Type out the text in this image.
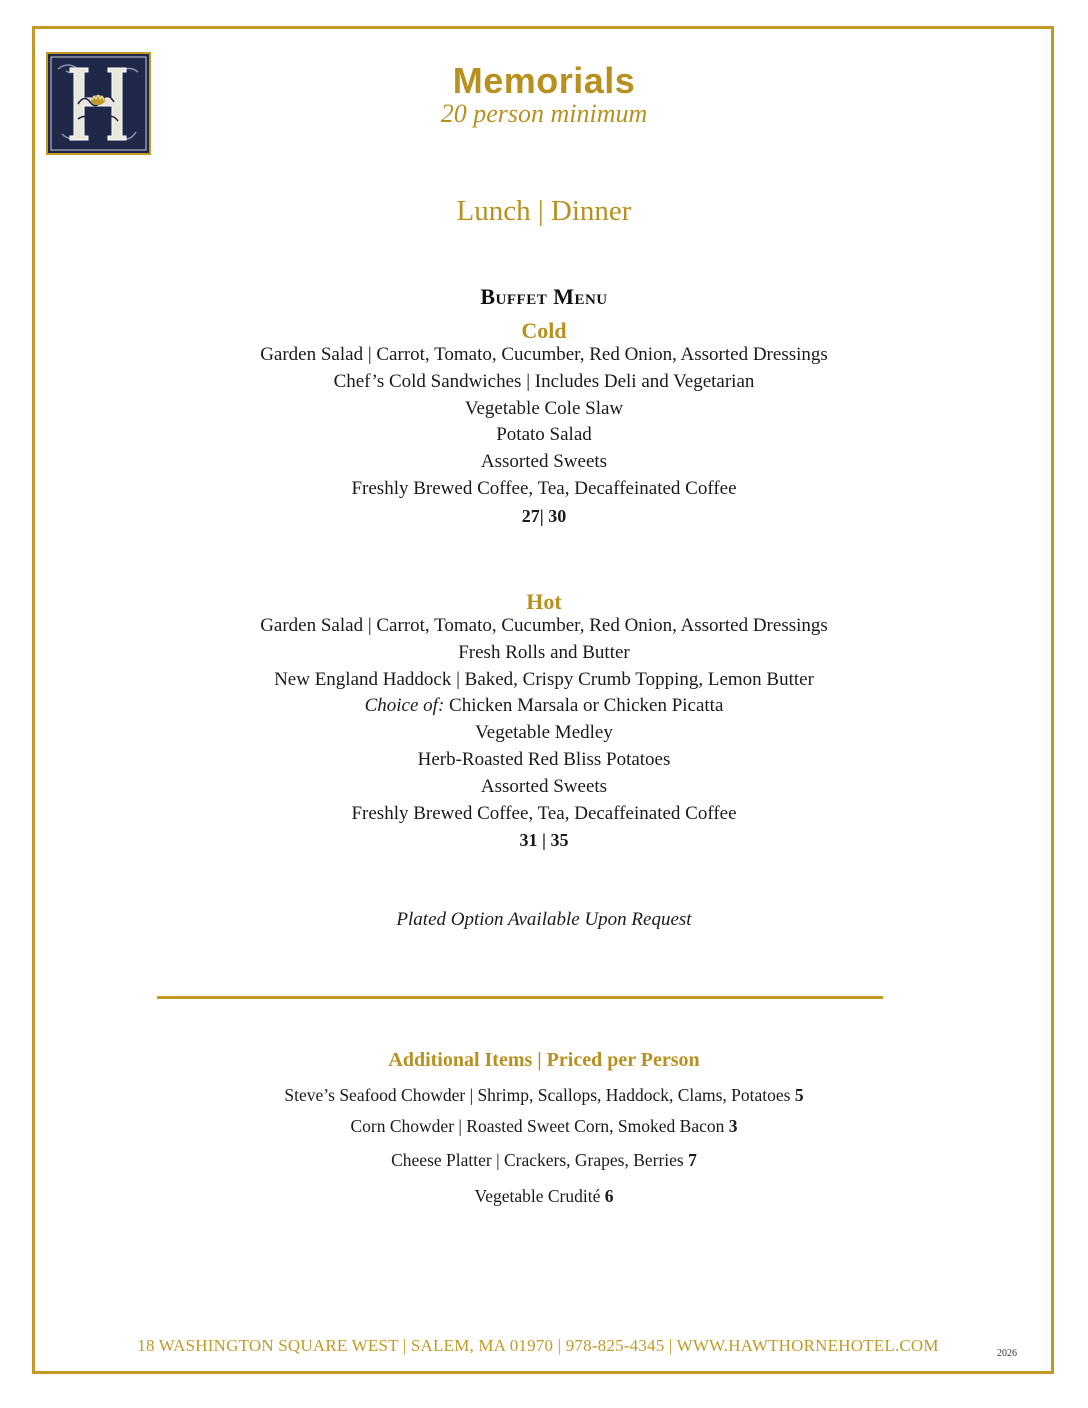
Memorials
20 person minimum
Lunch | Dinner
Buffet Menu
Cold
Garden Salad | Carrot, Tomato, Cucumber, Red Onion, Assorted Dressings
Chef’s Cold Sandwiches | Includes Deli and Vegetarian
Vegetable Cole Slaw
Potato Salad
Assorted Sweets
Freshly Brewed Coffee, Tea, Decaffeinated Coffee
27| 30
Hot
Garden Salad | Carrot, Tomato, Cucumber, Red Onion, Assorted Dressings
Fresh Rolls and Butter
New England Haddock | Baked, Crispy Crumb Topping, Lemon Butter
Choice of: Chicken Marsala or Chicken Picatta
Vegetable Medley
Herb-Roasted Red Bliss Potatoes
Assorted Sweets
Freshly Brewed Coffee, Tea, Decaffeinated Coffee
31 | 35
Plated Option Available Upon Request
Additional Items | Priced per Person
Steve’s Seafood Chowder | Shrimp, Scallops, Haddock, Clams, Potatoes 5
Corn Chowder | Roasted Sweet Corn, Smoked Bacon 3
Cheese Platter | Crackers, Grapes, Berries 7
Vegetable Crudité 6
18 WASHINGTON SQUARE WEST | SALEM, MA 01970 | 978-825-4345 | WWW.HAWTHORNEHOTEL.COM	2026
